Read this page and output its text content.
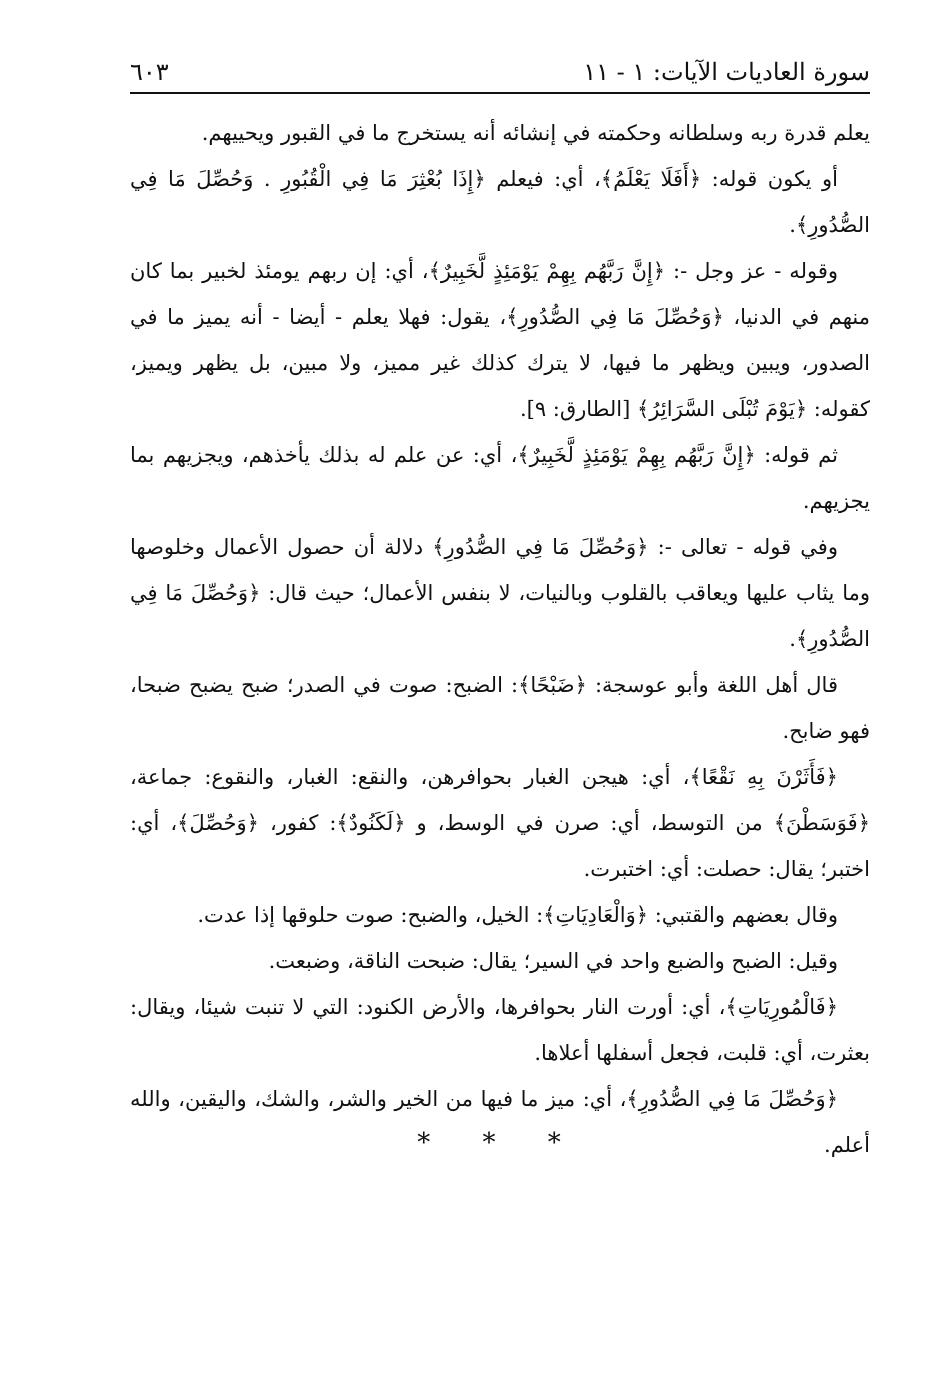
سورة العاديات الآيات: ١ - ١١
٦٠٣

يعلم قدرة ربه وسلطانه وحكمته في إنشائه أنه يستخرج ما في القبور ويحييهم.

أو يكون قوله: ﴿أَفَلَا يَعْلَمُ﴾، أي: فيعلم ﴿إِذَا بُعْثِرَ مَا فِي الْقُبُورِ . وَحُصِّلَ مَا فِي الصُّدُورِ﴾.

وقوله - عز وجل -: ﴿إِنَّ رَبَّهُم بِهِمْ يَوْمَئِذٍ لَّخَبِيرٌ﴾، أي: إن ربهم يومئذ لخبير بما كان منهم في الدنيا، ﴿وَحُصِّلَ مَا فِي الصُّدُورِ﴾، يقول: فهلا يعلم - أيضا - أنه يميز ما في الصدور، ويبين ويظهر ما فيها، لا يترك كذلك غير مميز، ولا مبين، بل يظهر ويميز، كقوله: ﴿يَوْمَ تُبْلَى السَّرَائِرُ﴾ [الطارق: ٩].

ثم قوله: ﴿إِنَّ رَبَّهُم بِهِمْ يَوْمَئِذٍ لَّخَبِيرٌ﴾، أي: عن علم له بذلك يأخذهم، ويجزيهم بما يجزيهم.

وفي قوله - تعالى -: ﴿وَحُصِّلَ مَا فِي الصُّدُورِ﴾ دلالة أن حصول الأعمال وخلوصها وما يثاب عليها ويعاقب بالقلوب وبالنيات، لا بنفس الأعمال؛ حيث قال: ﴿وَحُصِّلَ مَا فِي الصُّدُورِ﴾.

قال أهل اللغة وأبو عوسجة: ﴿ضَبْحًا﴾: الضبح: صوت في الصدر؛ ضبح يضبح ضبحا، فهو ضابح.

﴿فَأَثَرْنَ بِهِ نَقْعًا﴾، أي: هيجن الغبار بحوافرهن، والنقع: الغبار، والنقوع: جماعة، ﴿فَوَسَطْنَ﴾ من التوسط، أي: صرن في الوسط، و ﴿لَكَنُودٌ﴾: كفور، ﴿وَحُصِّلَ﴾، أي: اختبر؛ يقال: حصلت: أي: اختبرت.

وقال بعضهم والقتبي: ﴿وَالْعَادِيَاتِ﴾: الخيل، والضبح: صوت حلوقها إذا عدت.

وقيل: الضبح والضبع واحد في السير؛ يقال: ضبحت الناقة، وضبعت.

﴿فَالْمُورِيَاتِ﴾، أي: أورت النار بحوافرها، والأرض الكنود: التي لا تنبت شيئا، ويقال: بعثرت، أي: قلبت، فجعل أسفلها أعلاها.

﴿وَحُصِّلَ مَا فِي الصُّدُورِ﴾، أي: ميز ما فيها من الخير والشر، والشك، واليقين، والله أعلم.

* * *
